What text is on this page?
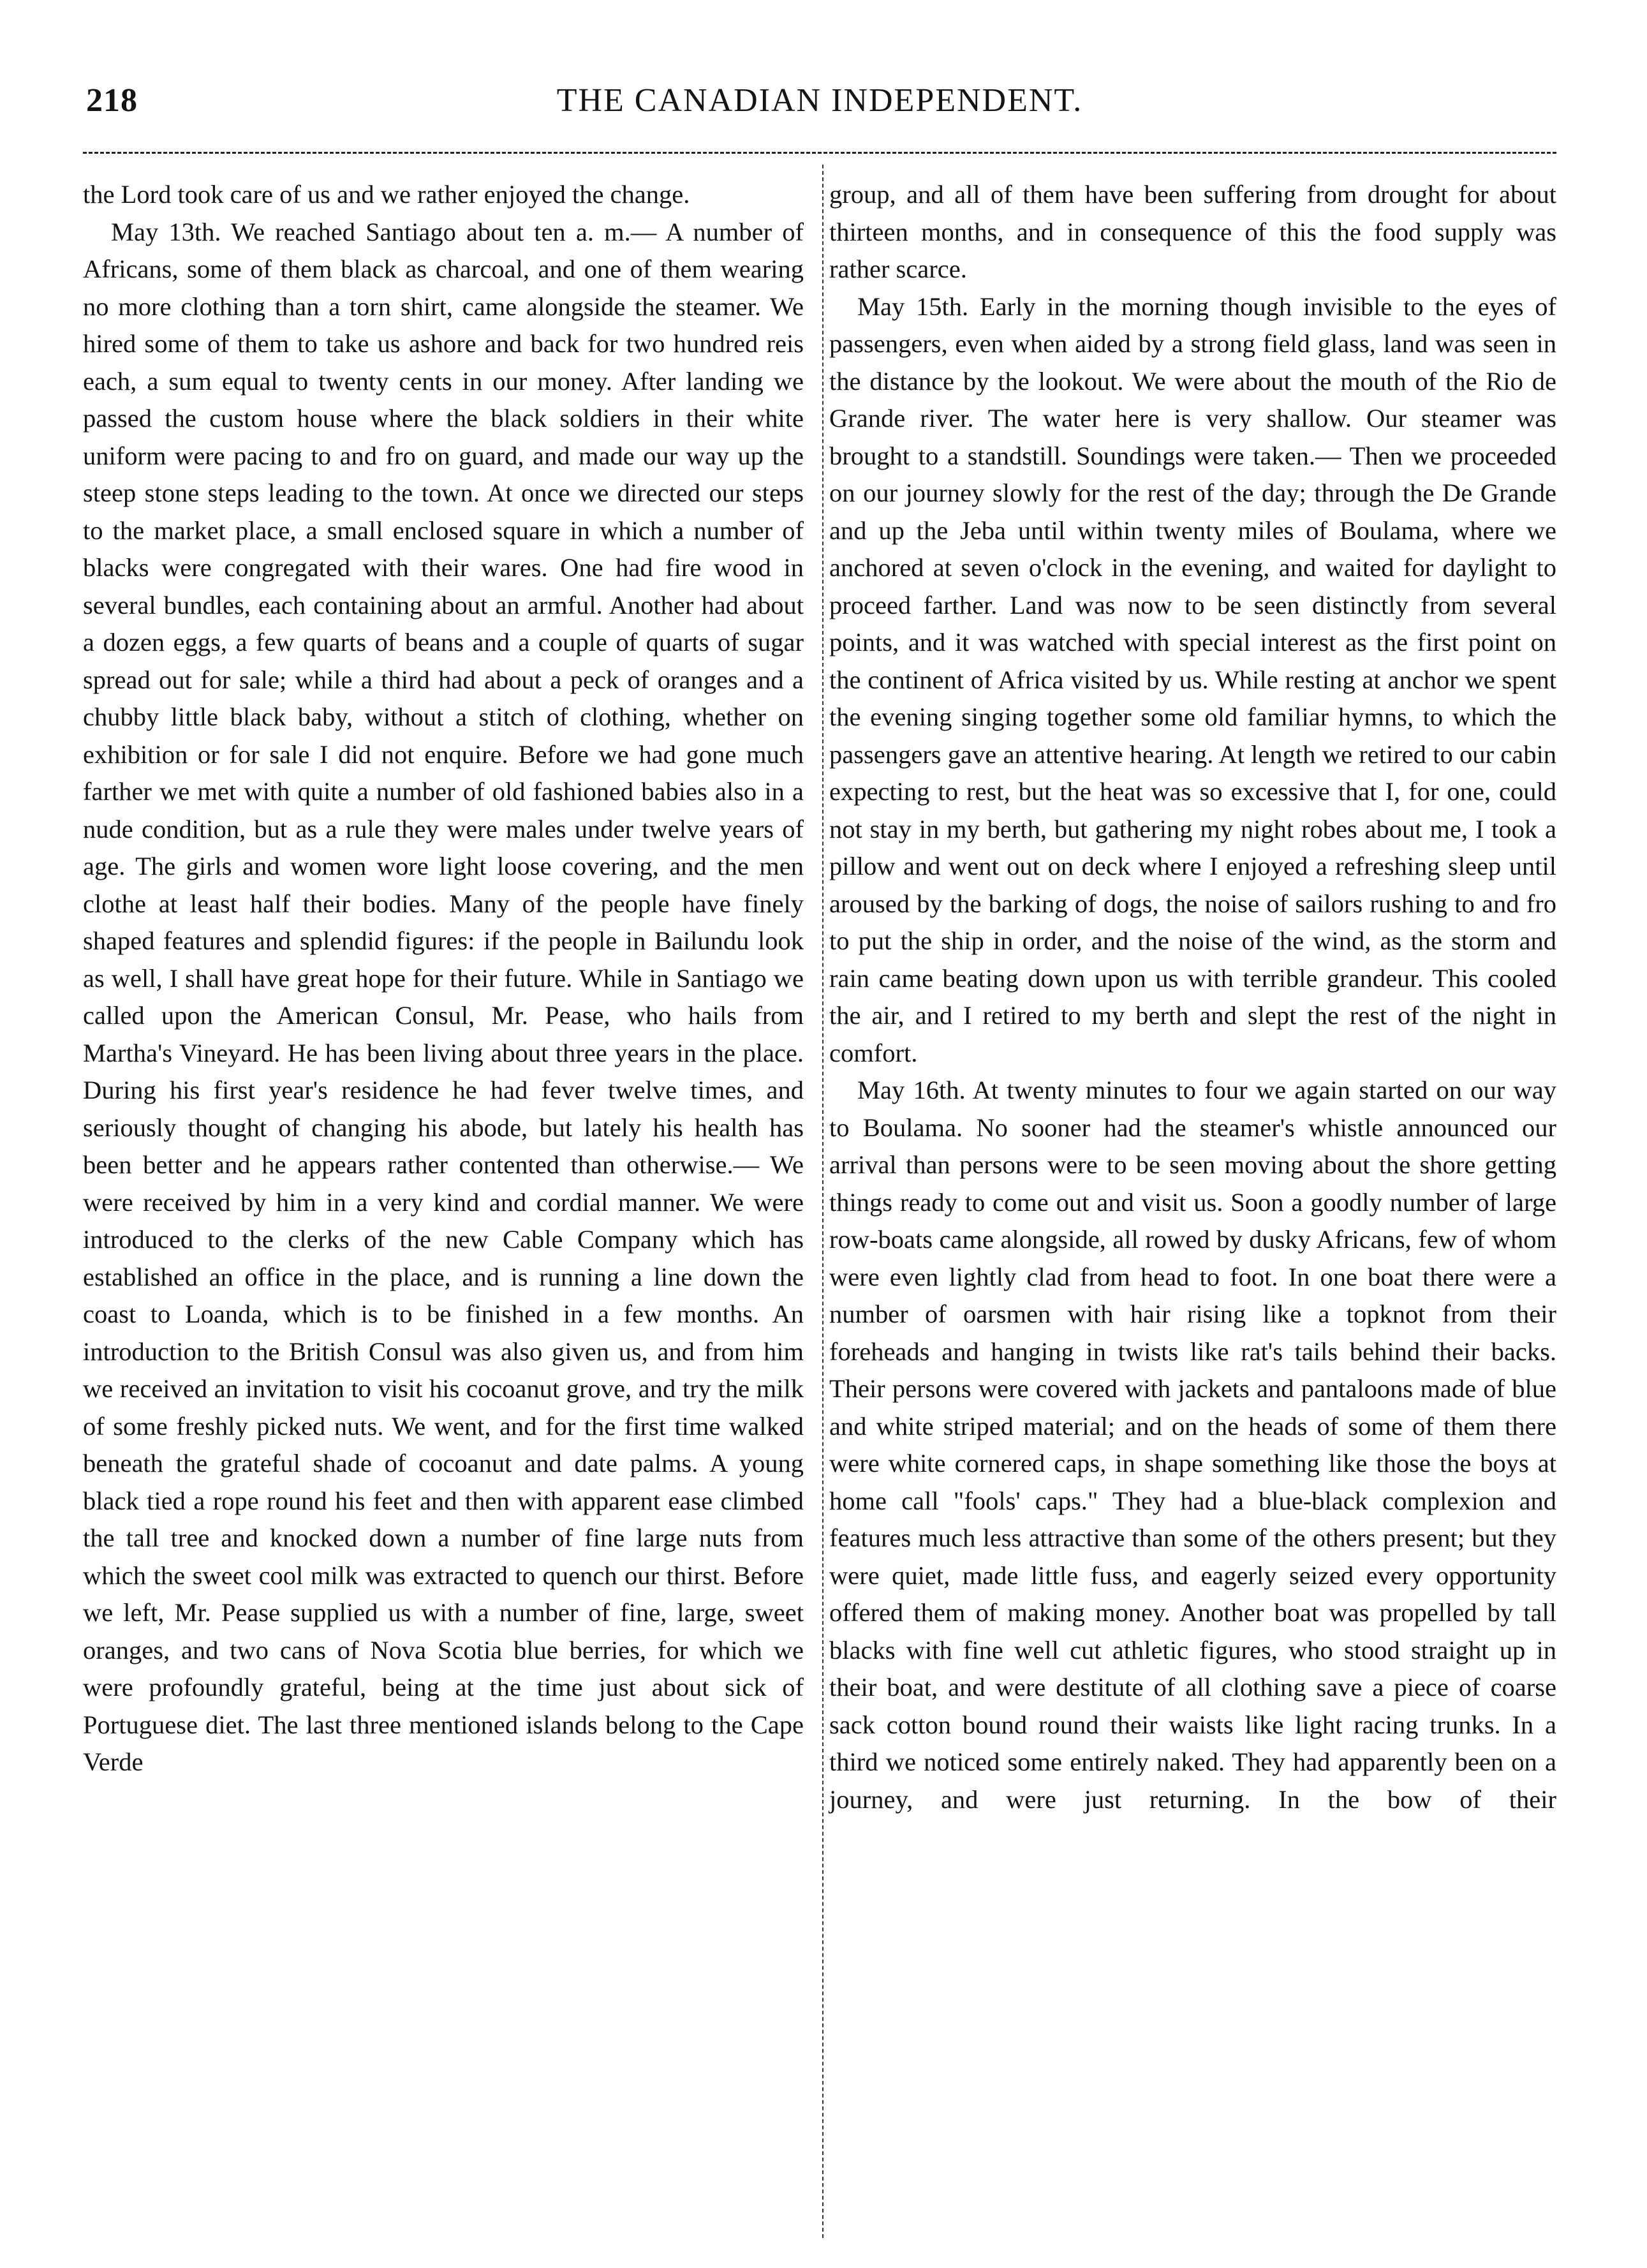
218	THE CANADIAN INDEPENDENT.

the Lord took care of us and we rather enjoyed the change.

May 13th. We reached Santiago about ten a. m.— A number of Africans, some of them black as charcoal, and one of them wearing no more clothing than a torn shirt, came alongside the steamer. We hired some of them to take us ashore and back for two hundred reis each, a sum equal to twenty cents in our money. After landing we passed the custom house where the black soldiers in their white uniform were pacing to and fro on guard, and made our way up the steep stone steps leading to the town. At once we directed our steps to the market place, a small enclosed square in which a number of blacks were congregated with their wares. One had fire wood in several bundles, each containing about an armful. Another had about a dozen eggs, a few quarts of beans and a couple of quarts of sugar spread out for sale; while a third had about a peck of oranges and a chubby little black baby, without a stitch of clothing, whether on exhibition or for sale I did not enquire. Before we had gone much farther we met with quite a number of old fashioned babies also in a nude condition, but as a rule they were males under twelve years of age. The girls and women wore light loose covering, and the men clothe at least half their bodies. Many of the people have finely shaped features and splendid figures: if the people in Bailundu look as well, I shall have great hope for their future. While in Santiago we called upon the American Consul, Mr. Pease, who hails from Martha's Vineyard. He has been living about three years in the place. During his first year's residence he had fever twelve times, and seriously thought of changing his abode, but lately his health has been better and he appears rather contented than otherwise.— We were received by him in a very kind and cordial manner. We were introduced to the clerks of the new Cable Company which has established an office in the place, and is running a line down the coast to Loanda, which is to be finished in a few months. An introduction to the British Consul was also given us, and from him we received an invitation to visit his cocoanut grove, and try the milk of some freshly picked nuts. We went, and for the first time walked beneath the grateful shade of cocoanut and date palms. A young black tied a rope round his feet and then with apparent ease climbed the tall tree and knocked down a number of fine large nuts from which the sweet cool milk was extracted to quench our thirst. Before we left, Mr. Pease supplied us with a number of fine, large, sweet oranges, and two cans of Nova Scotia blue berries, for which we were profoundly grateful, being at the time just about sick of Portuguese diet. The last three mentioned islands belong to the Cape Verde

group, and all of them have been suffering from drought for about thirteen months, and in consequence of this the food supply was rather scarce.

May 15th. Early in the morning though invisible to the eyes of passengers, even when aided by a strong field glass, land was seen in the distance by the lookout. We were about the mouth of the Rio de Grande river. The water here is very shallow. Our steamer was brought to a standstill. Soundings were taken.— Then we proceeded on our journey slowly for the rest of the day; through the De Grande and up the Jeba until within twenty miles of Boulama, where we anchored at seven o'clock in the evening, and waited for daylight to proceed farther. Land was now to be seen distinctly from several points, and it was watched with special interest as the first point on the continent of Africa visited by us. While resting at anchor we spent the evening singing together some old familiar hymns, to which the passengers gave an attentive hearing. At length we retired to our cabin expecting to rest, but the heat was so excessive that I, for one, could not stay in my berth, but gathering my night robes about me, I took a pillow and went out on deck where I enjoyed a refreshing sleep until aroused by the barking of dogs, the noise of sailors rushing to and fro to put the ship in order, and the noise of the wind, as the storm and rain came beating down upon us with terrible grandeur. This cooled the air, and I retired to my berth and slept the rest of the night in comfort.

May 16th. At twenty minutes to four we again started on our way to Boulama. No sooner had the steamer's whistle announced our arrival than persons were to be seen moving about the shore getting things ready to come out and visit us. Soon a goodly number of large row-boats came alongside, all rowed by dusky Africans, few of whom were even lightly clad from head to foot. In one boat there were a number of oarsmen with hair rising like a topknot from their foreheads and hanging in twists like rat's tails behind their backs. Their persons were covered with jackets and pantaloons made of blue and white striped material; and on the heads of some of them there were white cornered caps, in shape something like those the boys at home call "fools' caps." They had a blue-black complexion and features much less attractive than some of the others present; but they were quiet, made little fuss, and eagerly seized every opportunity offered them of making money. Another boat was propelled by tall blacks with fine well cut athletic figures, who stood straight up in their boat, and were destitute of all clothing save a piece of coarse sack cotton bound round their waists like light racing trunks. In a third we noticed some entirely naked. They had apparently been on a journey, and were just returning. In the bow of their
